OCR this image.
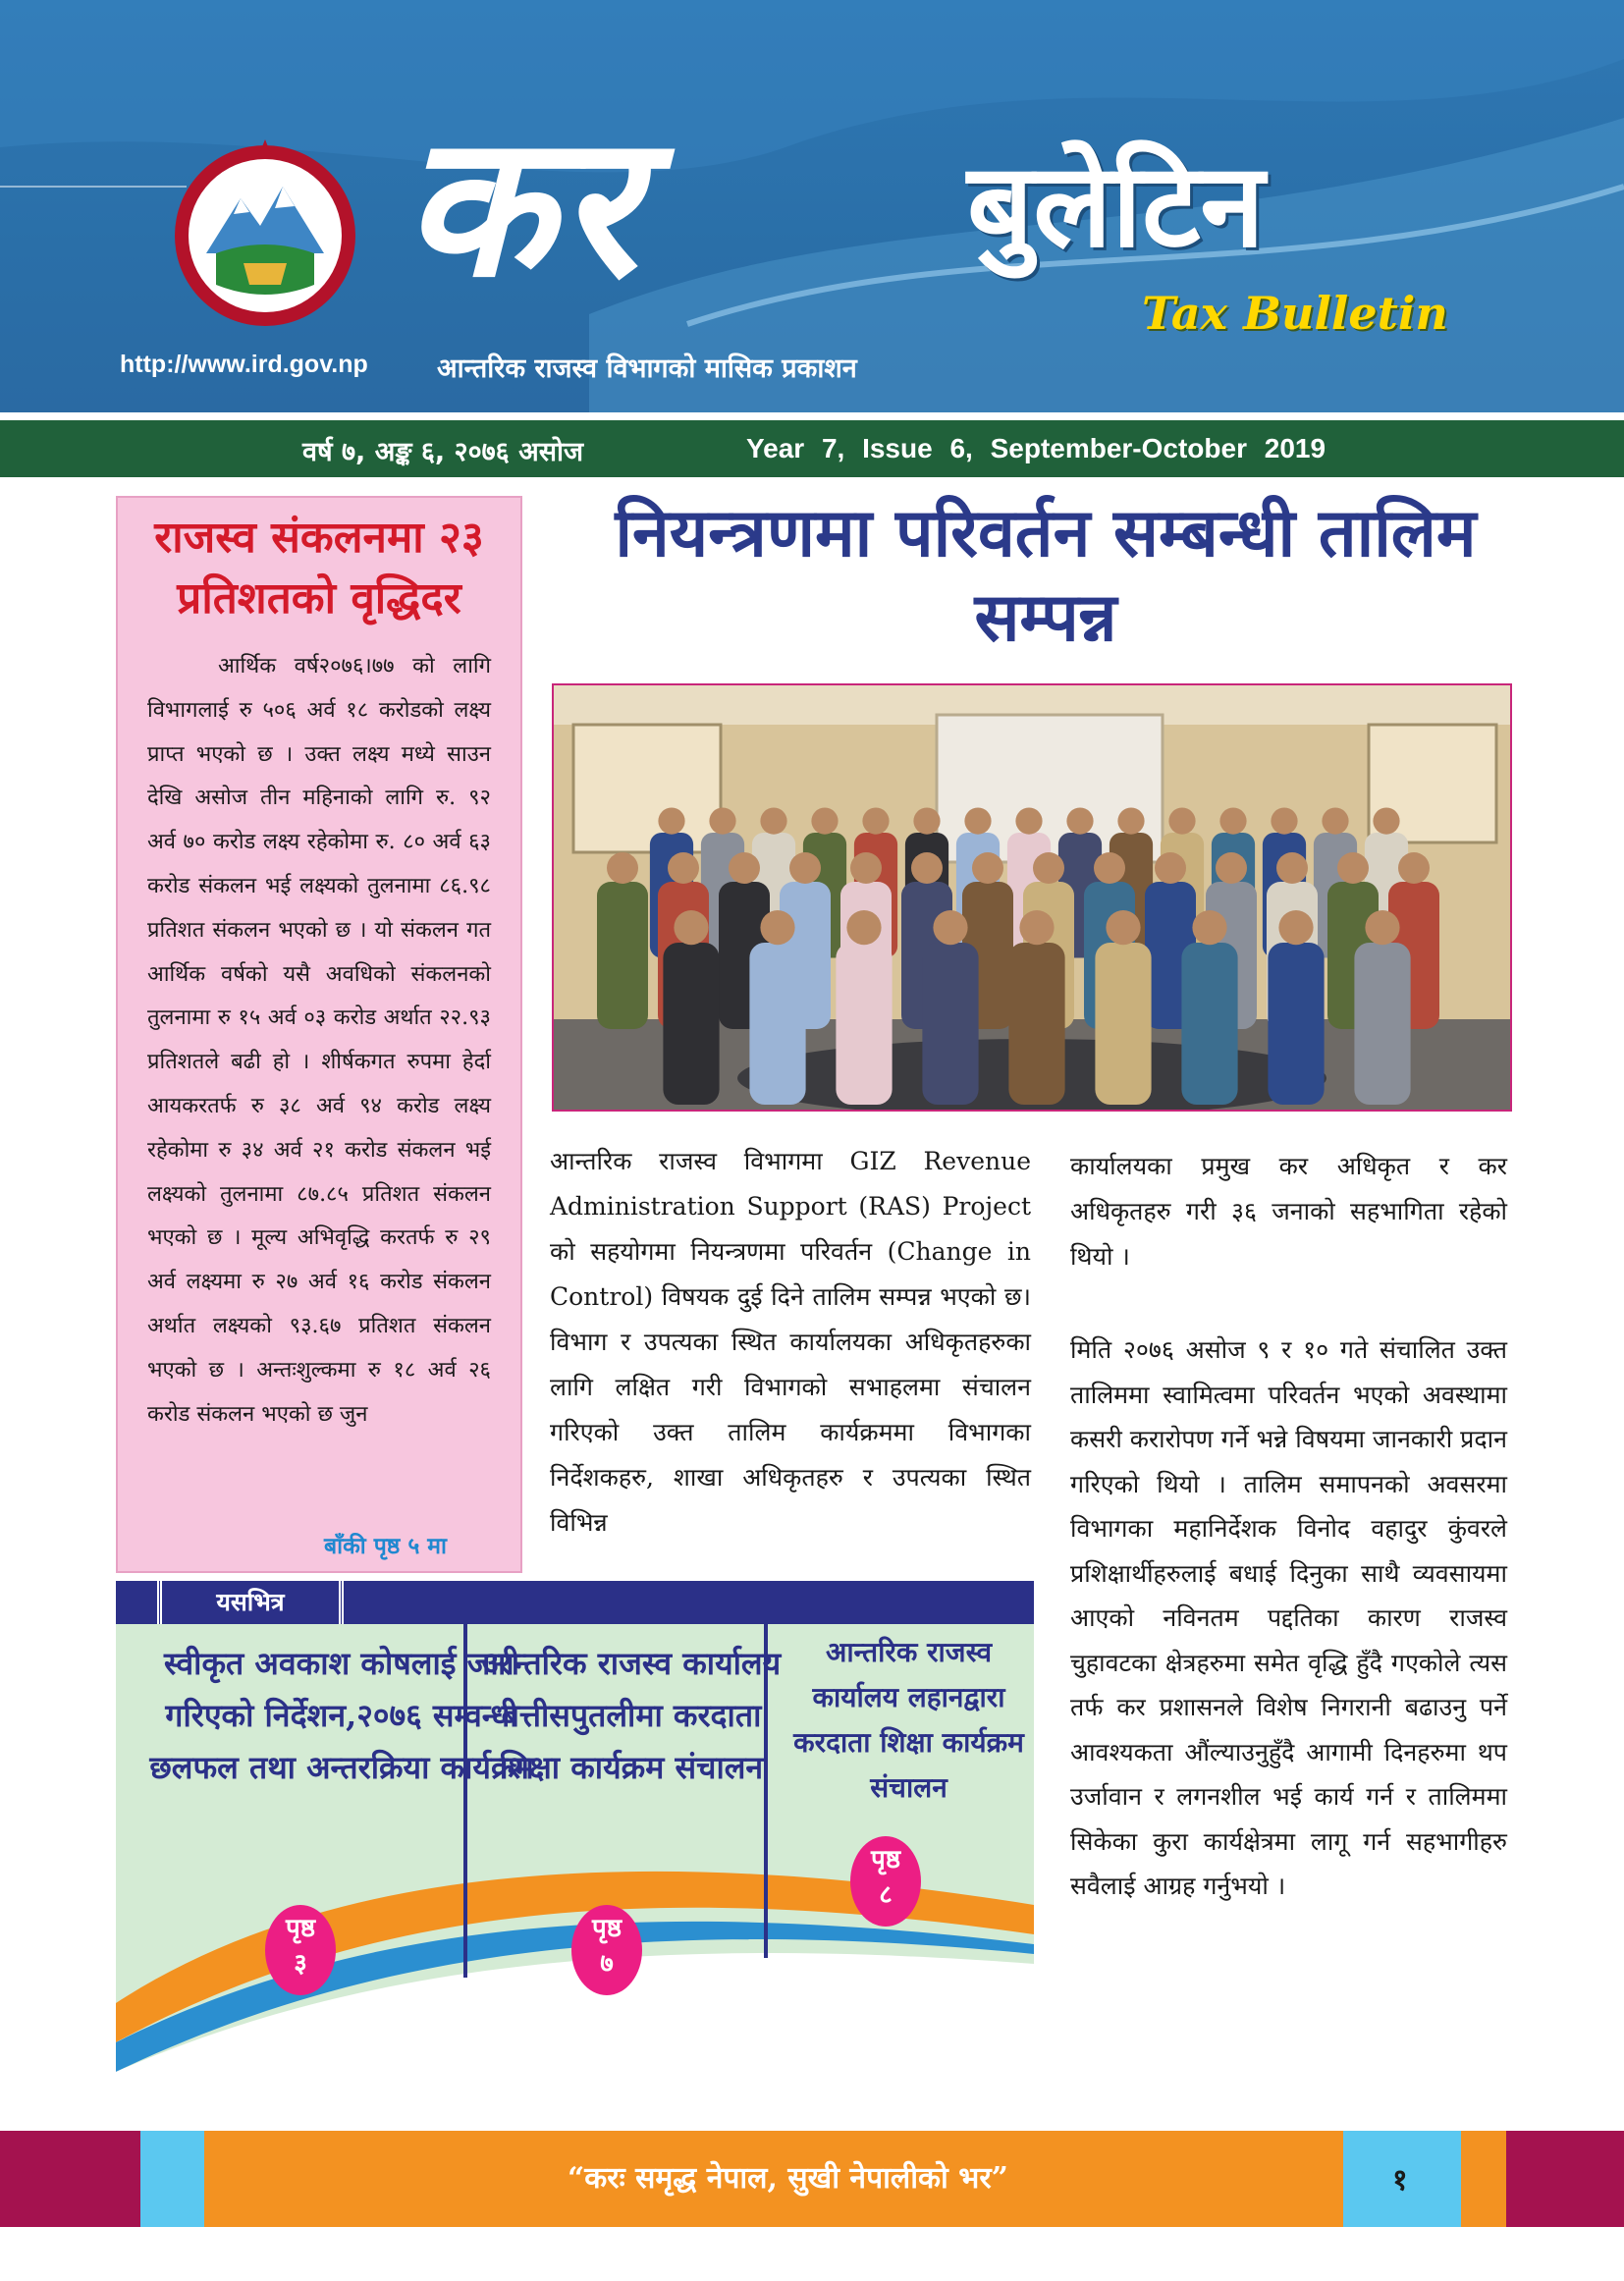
कर	बुलेटिन
Tax Bulletin
http://www.ird.gov.np	आन्तरिक राजस्व विभागको मासिक प्रकाशन
वर्ष ७, अङ्क ६, २०७६ असोज	Year 7, Issue 6, September-October 2019
राजस्व संकलनमा २३ प्रतिशतको वृद्धिदर
आर्थिक वर्ष२०७६।७७ को लागि विभागलाई रु ५०६ अर्व १८ करोडको लक्ष्य प्राप्त भएको छ । उक्त लक्ष्य मध्ये साउन देखि असोज तीन महिनाको लागि रु. ९२ अर्व ७० करोड लक्ष्य रहेकोमा रु. ८० अर्व ६३ करोड संकलन भई लक्ष्यको तुलनामा ८६.९८ प्रतिशत संकलन भएको छ । यो संकलन गत आर्थिक वर्षको यसै अवधिको संकलनको तुलनामा रु १५ अर्व ०३ करोड अर्थात २२.९३ प्रतिशतले बढी हो । शीर्षकगत रुपमा हेर्दा आयकरतर्फ रु ३८ अर्व ९४ करोड लक्ष्य रहेकोमा रु ३४ अर्व २१ करोड संकलन भई लक्ष्यको तुलनामा ८७.८५ प्रतिशत संकलन भएको छ । मूल्य अभिवृद्धि करतर्फ रु २९ अर्व लक्ष्यमा रु २७ अर्व १६ करोड संकलन अर्थात लक्ष्यको ९३.६७ प्रतिशत संकलन भएको छ । अन्तःशुल्कमा रु १८ अर्व २६ करोड संकलन भएको छ जुन
बाँकी पृष्ठ ५ मा
नियन्त्रणमा परिवर्तन सम्बन्धी तालिम सम्पन्न
आन्तरिक राजस्व विभागमा GIZ Revenue Administration Support (RAS) Project को सहयोगमा नियन्त्रणमा परिवर्तन (Change in Control) विषयक दुई दिने तालिम सम्पन्न भएको छ। विभाग र उपत्यका स्थित कार्यालयका अधिकृतहरुका लागि लक्षित गरी विभागको सभाहलमा संचालन गरिएको उक्त तालिम कार्यक्रममा विभागका निर्देशकहरु, शाखा अधिकृतहरु र उपत्यका स्थित विभिन्न
कार्यालयका प्रमुख कर अधिकृत र कर अधिकृतहरु गरी ३६ जनाको सहभागिता रहेको थियो ।
मिति २०७६ असोज ९ र १० गते संचालित उक्त तालिममा स्वामित्वमा परिवर्तन भएको अवस्थामा कसरी करारोपण गर्ने भन्ने विषयमा जानकारी प्रदान गरिएको थियो । तालिम समापनको अवसरमा विभागका महानिर्देशक विनोद वहादुर कुंवरले प्रशिक्षार्थीहरुलाई बधाई दिनुका साथै व्यवसायमा आएको नविनतम पद्दतिका कारण राजस्व चुहावटका क्षेत्रहरुमा समेत वृद्धि हुँदै गएकोले त्यस तर्फ कर प्रशासनले विशेष निगरानी बढाउनु पर्ने आवश्यकता औंल्याउनुहुँदै आगामी दिनहरुमा थप उर्जावान र लगनशील भई कार्य गर्न र तालिममा सिकेका कुरा कार्यक्षेत्रमा लागू गर्न सहभागीहरु सवैलाई आग्रह गर्नुभयो ।
यसभित्र
स्वीकृत अवकाश कोषलाई जारी गरिएको निर्देशन,२०७६ सम्वन्धी छलफल तथा अन्तरक्रिया कार्यक्रम
आन्तरिक राजस्व कार्यालय बत्तीसपुतलीमा करदाता शिक्षा कार्यक्रम संचालन
आन्तरिक राजस्व कार्यालय लहानद्वारा करदाता शिक्षा कार्यक्रम संचालन
पृष्ठ
३
पृष्ठ
७
पृष्ठ
८
“करः समृद्ध नेपाल, सुखी नेपालीको भर”	१
